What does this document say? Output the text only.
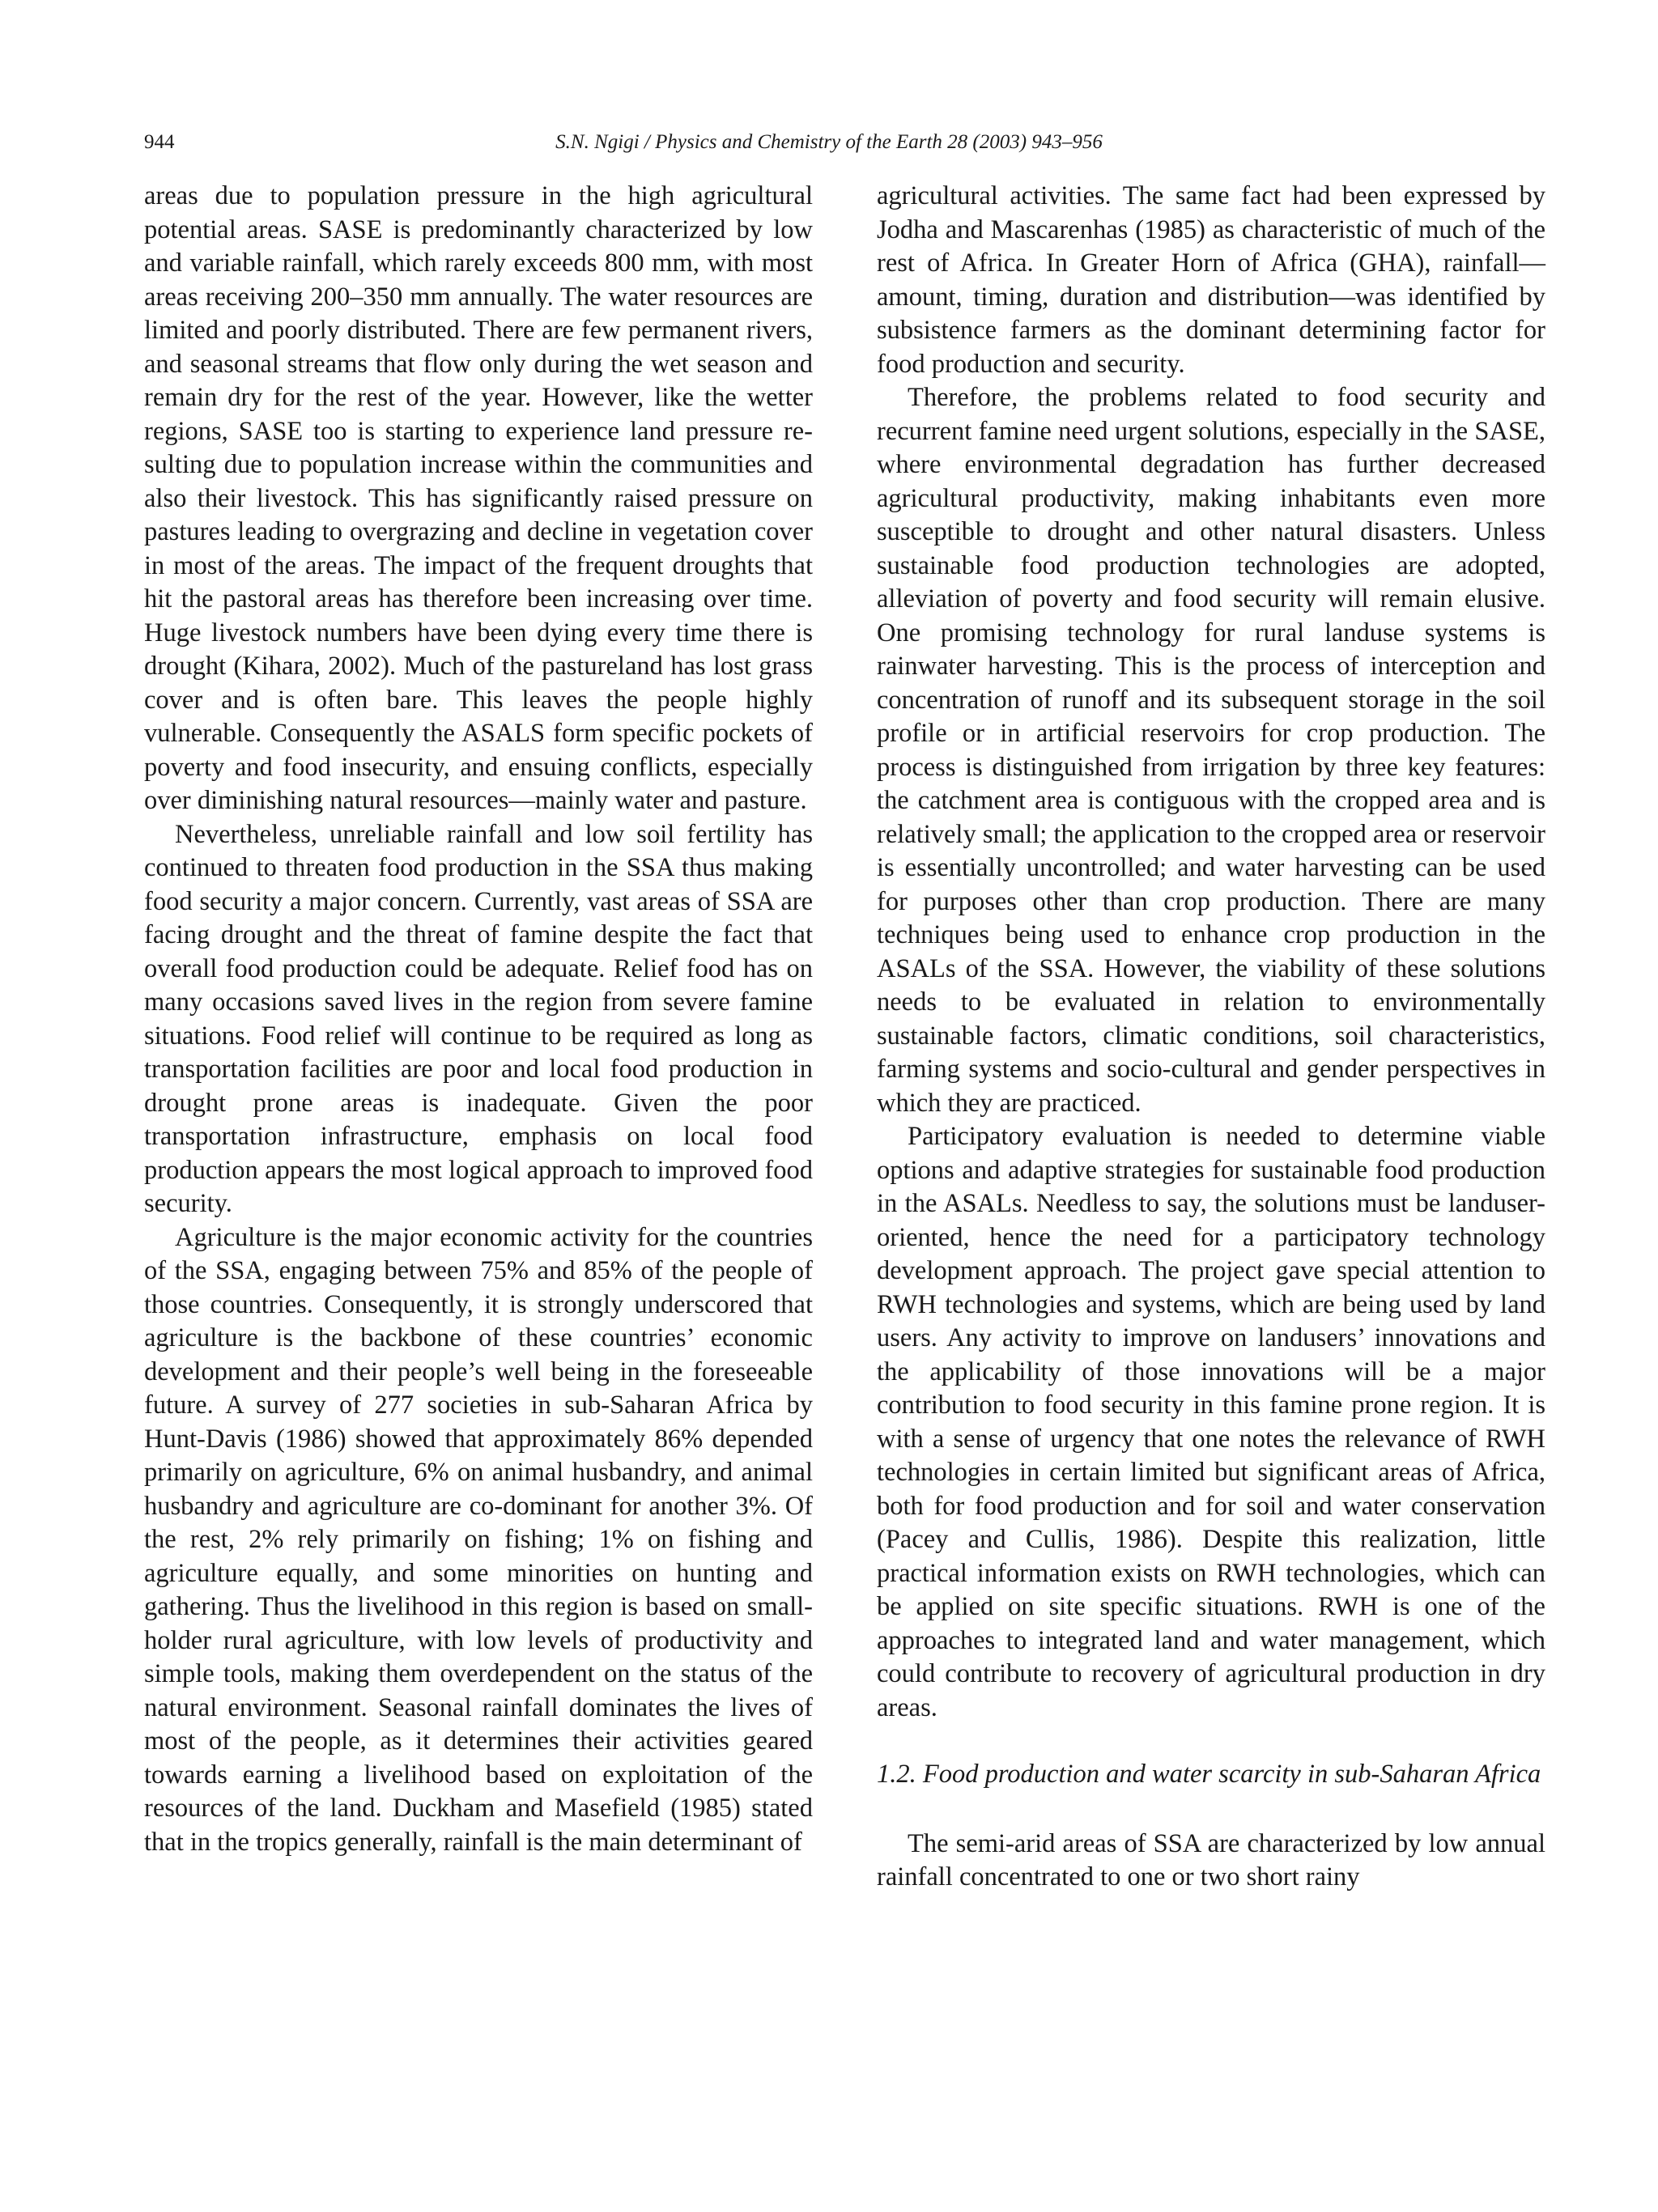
944	S.N. Ngigi / Physics and Chemistry of the Earth 28 (2003) 943–956

areas due to population pressure in the high agricultural potential areas. SASE is predominantly characterized by low and variable rainfall, which rarely exceeds 800 mm, with most areas receiving 200–350 mm annually. The water resources are limited and poorly distributed. There are few permanent rivers, and seasonal streams that flow only during the wet season and remain dry for the rest of the year. However, like the wetter regions, SASE too is starting to experience land pressure resulting due to population increase within the communities and also their livestock. This has significantly raised pressure on pastures leading to overgrazing and decline in vegetation cover in most of the areas. The impact of the frequent droughts that hit the pastoral areas has therefore been increasing over time. Huge livestock numbers have been dying every time there is drought (Kihara, 2002). Much of the pastureland has lost grass cover and is often bare. This leaves the people highly vulnerable. Consequently the ASALS form specific pockets of poverty and food insecurity, and ensuing conflicts, especially over diminishing natural resources—mainly water and pasture.

Nevertheless, unreliable rainfall and low soil fertility has continued to threaten food production in the SSA thus making food security a major concern. Currently, vast areas of SSA are facing drought and the threat of famine despite the fact that overall food production could be adequate. Relief food has on many occasions saved lives in the region from severe famine situations. Food relief will continue to be required as long as transportation facilities are poor and local food production in drought prone areas is inadequate. Given the poor transportation infrastructure, emphasis on local food production appears the most logical approach to improved food security.

Agriculture is the major economic activity for the countries of the SSA, engaging between 75% and 85% of the people of those countries. Consequently, it is strongly underscored that agriculture is the backbone of these countries’ economic development and their people’s well being in the foreseeable future. A survey of 277 societies in sub-Saharan Africa by Hunt-Davis (1986) showed that approximately 86% depended primarily on agriculture, 6% on animal husbandry, and animal husbandry and agriculture are co-dominant for another 3%. Of the rest, 2% rely primarily on fishing; 1% on fishing and agriculture equally, and some minorities on hunting and gathering. Thus the livelihood in this region is based on small-holder rural agriculture, with low levels of productivity and simple tools, making them overdependent on the status of the natural environment. Seasonal rainfall dominates the lives of most of the people, as it determines their activities geared towards earning a livelihood based on exploitation of the resources of the land. Duckham and Masefield (1985) stated that in the tropics generally, rainfall is the main determinant of

agricultural activities. The same fact had been expressed by Jodha and Mascarenhas (1985) as characteristic of much of the rest of Africa. In Greater Horn of Africa (GHA), rainfall—amount, timing, duration and distribution—was identified by subsistence farmers as the dominant determining factor for food production and security.

Therefore, the problems related to food security and recurrent famine need urgent solutions, especially in the SASE, where environmental degradation has further decreased agricultural productivity, making inhabitants even more susceptible to drought and other natural disasters. Unless sustainable food production technologies are adopted, alleviation of poverty and food security will remain elusive. One promising technology for rural landuse systems is rainwater harvesting. This is the process of interception and concentration of runoff and its subsequent storage in the soil profile or in artificial reservoirs for crop production. The process is distinguished from irrigation by three key features: the catchment area is contiguous with the cropped area and is relatively small; the application to the cropped area or reservoir is essentially uncontrolled; and water harvesting can be used for purposes other than crop production. There are many techniques being used to enhance crop production in the ASALs of the SSA. However, the viability of these solutions needs to be evaluated in relation to environmentally sustainable factors, climatic conditions, soil characteristics, farming systems and socio-cultural and gender perspectives in which they are practiced.

Participatory evaluation is needed to determine viable options and adaptive strategies for sustainable food production in the ASALs. Needless to say, the solutions must be landuser-oriented, hence the need for a participatory technology development approach. The project gave special attention to RWH technologies and systems, which are being used by land users. Any activity to improve on landusers’ innovations and the applicability of those innovations will be a major contribution to food security in this famine prone region. It is with a sense of urgency that one notes the relevance of RWH technologies in certain limited but significant areas of Africa, both for food production and for soil and water conservation (Pacey and Cullis, 1986). Despite this realization, little practical information exists on RWH technologies, which can be applied on site specific situations. RWH is one of the approaches to integrated land and water management, which could contribute to recovery of agricultural production in dry areas.

1.2. Food production and water scarcity in sub-Saharan Africa

The semi-arid areas of SSA are characterized by low annual rainfall concentrated to one or two short rainy
